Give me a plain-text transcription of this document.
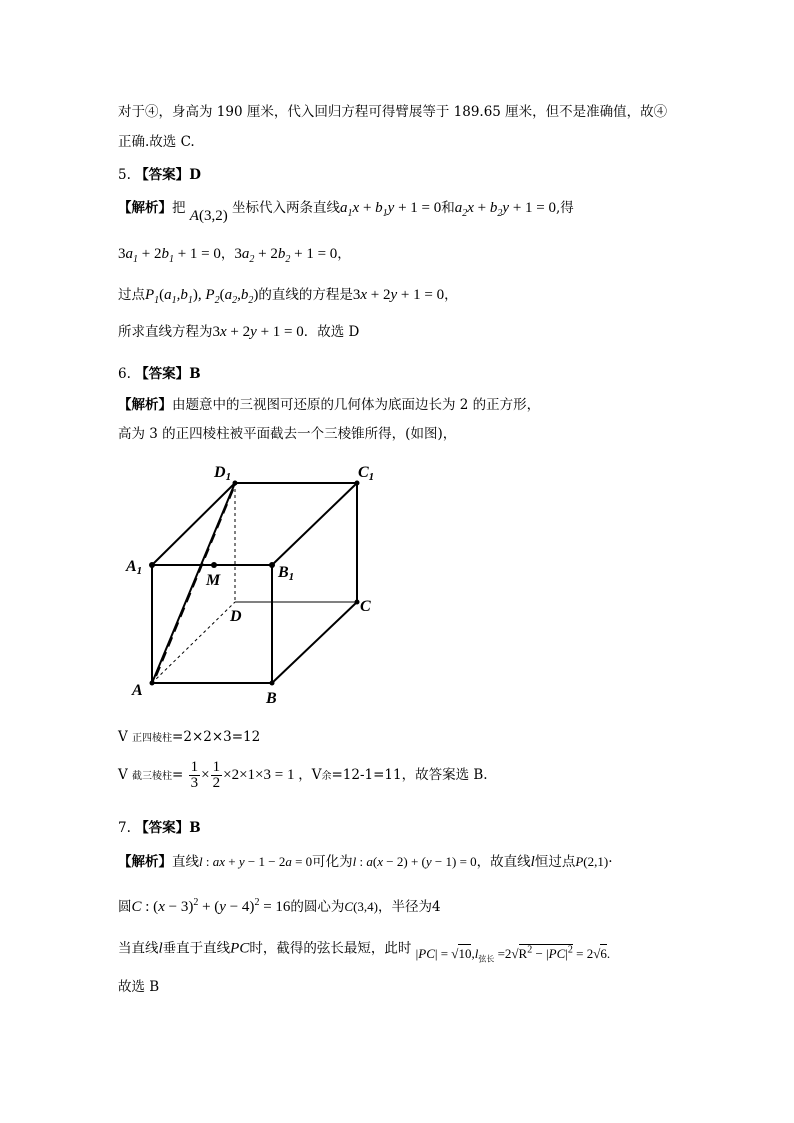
对于④，身高为 190 厘米，代入回归方程可得臂展等于 189.65 厘米，但不是准确值，故④
正确.故选 C.
5. 【答案】D
【解析】把 A(3,2) 坐标代入两条直线$a_1x + b_1y + 1 = 0$和$a_2x + b_2y + 1 = 0$,得
$3a_1 + 2b_1 + 1 = 0$，$3a_2 + 2b_2 + 1 = 0$，
过点$P_1(a_1,b_1)$, $P_2(a_2,b_2)$的直线的方程是3x + 2y + 1 = 0，
所求直线方程为3x + 2y + 1 = 0．故选 D
6. 【答案】B
【解析】由题意中的三视图可还原的几何体为底面边长为 2 的正方形，
高为 3 的正四棱柱被平面截去一个三棱锥所得，(如图)，
D1	C1
A1	B1
M
D
C
A	B
V 正四棱柱=2×2×3=12
V 截三棱柱= $\frac{1}{3} \times \frac{1}{2} \times 2\times 1\times 3 = 1$ ，V余=12-1=11，故答案选 B.
7. 【答案】B
【解析】直线l : ax + y − 1 − 2a = 0可化为l : a(x − 2) + (y − 1) = 0，故直线l恒过点P(2,1)·
圆C : $(x - 3)^2 + (y - 4)^2 = 16$的圆心为C(3,4)，半径为4
当直线l垂直于直线PC时，截得的弦长最短，此时 $|PC| = √10,l_{弦长} =2√R^2 - |PC|^2 = 2√6$.
故选 B
